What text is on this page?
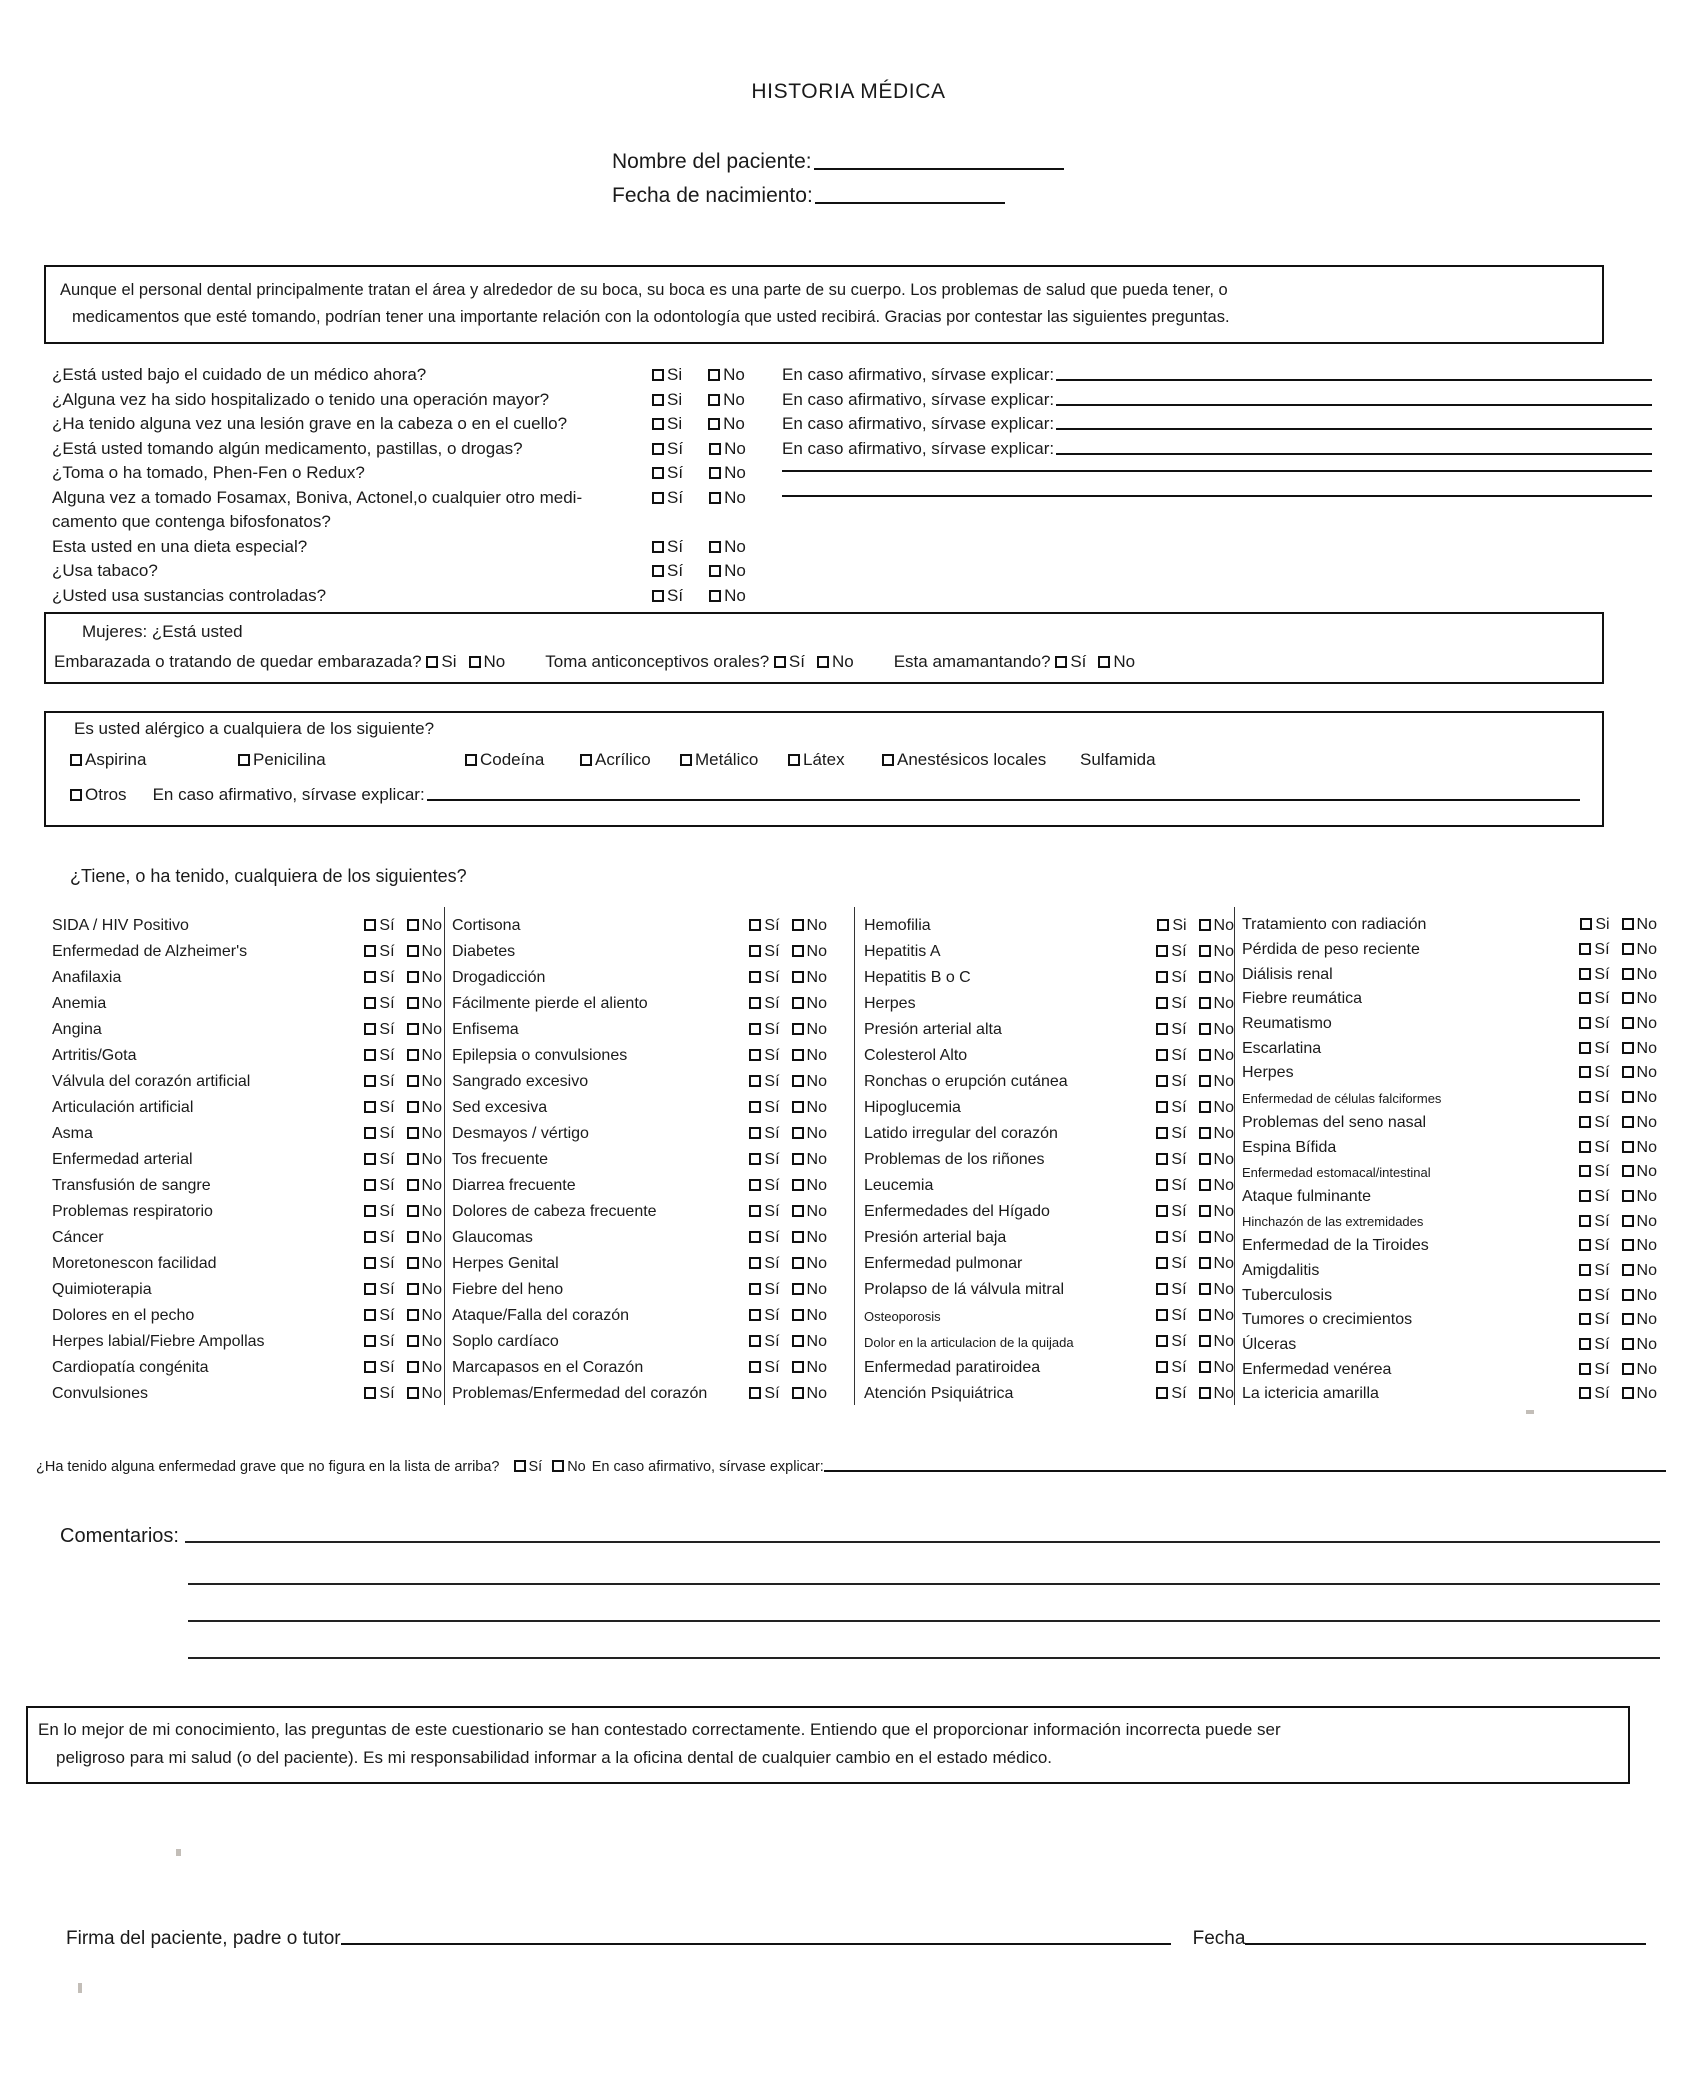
HISTORIA MÉDICA
Nombre del paciente:
Fecha de nacimiento:

Aunque el personal dental principalmente tratan el área y alrededor de su boca, su boca es una parte de su cuerpo. Los problemas de salud que pueda tener, o

medicamentos que esté tomando, podrían tener una importante relación con la odontología que usted recibirá. Gracias por contestar las siguientes preguntas.

¿Está usted bajo el cuidado de un médico ahora?	Si	No En caso afirmativo, sírvase explicar:
¿Alguna vez ha sido hospitalizado o tenido una operación mayor?	Si	No En caso afirmativo, sírvase explicar:
¿Ha tenido alguna vez una lesión grave en la cabeza o en el cuello?	Si	No En caso afirmativo, sírvase explicar:
¿Está usted tomando algún medicamento, pastillas, o drogas?	Sí	No En caso afirmativo, sírvase explicar:
¿Toma o ha tomado, Phen-Fen o Redux?	Sí	No
Alguna vez a tomado Fosamax, Boniva, Actonel,o cualquier otro medi-	Sí	No
camento que contenga bifosfonatos?
Esta usted en una dieta especial?	Sí	No
¿Usa tabaco?	Sí	No
¿Usted usa sustancias controladas?	Sí	No
Mujeres: ¿Está usted
Embarazada o tratando de quedar embarazada? Si No Toma anticonceptivos orales? Sí No Esta amamantando? Sí No
Es usted alérgico a cualquiera de los siguiente?
Aspirina	Penicilina	Codeína	Acrílico	Metálico	Látex	Anestésicos locales Sulfamida
Otros En caso afirmativo, sírvase explicar:
¿Tiene, o ha tenido, cualquiera de los siguientes?
SIDA / HIV Positivo	Sí No
Enfermedad de Alzheimer's	Sí No
Anafilaxia	Sí No
Anemia	Sí No
Angina	Sí No
Artritis/Gota	Sí No
Válvula del corazón artificial	Sí No
Articulación artificial	Sí No
Asma	Sí No
Enfermedad arterial	Sí No
Transfusión de sangre	Sí No
Problemas respiratorio	Sí No
Cáncer	Sí No
Moretonescon facilidad	Sí No
Quimioterapia	Sí No
Dolores en el pecho	Sí No
Herpes labial/Fiebre Ampollas	Sí No
Cardiopatía congénita	Sí No
Convulsiones	Sí No
Cortisona	Sí No
Diabetes	Sí No
Drogadicción	Sí No
Fácilmente pierde el aliento	Sí No
Enfisema	Sí No
Epilepsia o convulsiones	Sí No
Sangrado excesivo	Sí No
Sed excesiva	Sí No
Desmayos / vértigo	Sí No
Tos frecuente	Sí No
Diarrea frecuente	Sí No
Dolores de cabeza frecuente	Sí No
Glaucomas	Sí No
Herpes Genital	Sí No
Fiebre del heno	Sí No
Ataque/Falla del corazón	Sí No
Soplo cardíaco	Sí No
Marcapasos en el Corazón	Sí No
Problemas/Enfermedad del corazón	Sí No
Hemofilia	Si No
Hepatitis A	Sí No
Hepatitis B o C	Sí No
Herpes	Sí No
Presión arterial alta	Sí No
Colesterol Alto	Sí No
Ronchas o erupción cutánea	Sí No
Hipoglucemia	Sí No
Latido irregular del corazón	Sí No
Problemas de los riñones	Sí No
Leucemia	Sí No
Enfermedades del Hígado	Sí No
Presión arterial baja	Sí No
Enfermedad pulmonar	Sí No
Prolapso de lá válvula mitral	Sí No
Osteoporosis	Sí No
Dolor en la articulacion de la quijada	Sí No
Enfermedad paratiroidea	Sí No
Atención Psiquiátrica	Sí No
Tratamiento con radiación	Si No
Pérdida de peso reciente	Sí No
Diálisis renal	Sí No
Fiebre reumática	Sí No
Reumatismo	Sí No
Escarlatina	Sí No
Herpes	Sí No
Enfermedad de células falciformes	Sí No
Problemas del seno nasal	Sí No
Espina Bífida	Sí No
Enfermedad estomacal/intestinal	Sí No
Ataque fulminante	Sí No
Hinchazón de las extremidades	Sí No
Enfermedad de la Tiroides	Sí No
Amigdalitis	Sí No
Tuberculosis	Sí No
Tumores o crecimientos	Sí No
Úlceras	Sí No
Enfermedad venérea	Sí No
La ictericia amarilla	Sí No
¿Ha tenido alguna enfermedad grave que no figura en la lista de arriba?	Sí	No En caso afirmativo, sírvase explicar:
Comentarios:

En lo mejor de mi conocimiento, las preguntas de este cuestionario se han contestado correctamente. Entiendo que el proporcionar información incorrecta puede ser

peligroso para mi salud (o del paciente). Es mi responsabilidad informar a la oficina dental de cualquier cambio en el estado médico.

Firma del paciente, padre o tutor	Fecha
